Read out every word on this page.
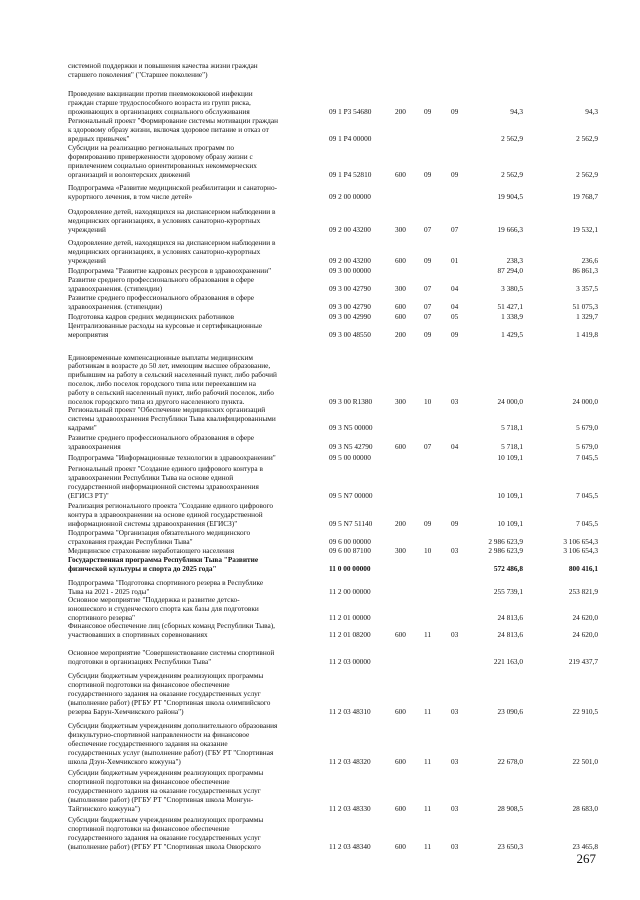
системной поддержки и повышения качества жизни граждан
старшего поколения" ("Старшее поколение")
Проведение вакцинации против пневмококковой инфекции
граждан старше трудоспособного возраста из групп риска,
проживающих в организациях социального обслуживания	09 1 P3 54680	200 09	09	94,3	94,3
Региональный проект "Формирование системы мотивации граждан
к здоровому образу жизни, включая здоровое питание и отказ от
вредных привычек"	09 1 P4 00000	2 562,9	2 562,9
Субсидии на реализацию региональных программ по
формированию приверженности здоровому образу жизни с
привлечением социально ориентированных некоммерческих
организаций и волонтерских движений	09 1 P4 52810	600 09	09	2 562,9	2 562,9
Подпрограмма «Развитие медицинской реабилитации и санаторно-
курортного лечения, в том числе детей»	09 2 00 00000	19 904,5	19 768,7
Оздоровление детей, находящихся на диспансерном наблюдении в
медицинских организациях, в условиях санаторно-курортных
учреждений	09 2 00 43200	300 07	07	19 666,3	19 532,1
Оздоровление детей, находящихся на диспансерном наблюдении в
медицинских организациях, в условиях санаторно-курортных
учреждений	09 2 00 43200	600 09	01	238,3	236,6
Подпрограмма "Развитие кадровых ресурсов в здравоохранении"	09 3 00 00000	87 294,0	86 861,3
Развитие среднего профессионального образования в сфере
здравоохранения. (стипендии)	09 3 00 42790	300 07	04	3 380,5	3 357,5
Развитие среднего профессионального образования в сфере
здравоохранения. (стипендии)	09 3 00 42790	600 07	04	51 427,1	51 075,3
Подготовка кадров средних медицинских работников	09 3 00 42990	600 07	05	1 338,9	1 329,7
Централизованные расходы на курсовые и сертификационные
мероприятия	09 3 00 48550	200 09	09	1 429,5	1 419,8
Единовременные компенсационные выплаты медицинским
работникам в возрасте до 50 лет, имеющим высшее образование,
прибывшим на работу в сельский населенный пункт, либо рабочий
поселок, либо поселок городского типа или переехавшим на
работу в сельский населенный пункт, либо рабочий поселок, либо
поселок городского типа из другого населенного пункта.	09 3 00 R1380	300 10	03	24 000,0	24 000,0
Региональный проект "Обеспечение медицинских организаций
системы здравоохранения Республики Тыва квалифицированными
кадрами"	09 3 N5 00000	5 718,1	5 679,0
Развитие среднего профессионального образования в сфере
здравоохранения	09 3 N5 42790	600 07	04	5 718,1	5 679,0
Подпрограмма "Информационные технологии в здравоохранении"	09 5 00 00000	10 109,1	7 045,5
Региональный проект "Создание единого цифрового контура в
здравоохранении Республики Тыва на основе единой
государственной информационной системы здравоохранения
(ЕГИСЗ РТ)"	09 5 N7 00000	10 109,1	7 045,5
Реализация регионального проекта "Создание единого цифрового
контура в здравоохранении на основе единой государственной
информационной системы здравоохранения (ЕГИСЗ)"	09 5 N7 51140	200 09	09	10 109,1	7 045,5
Подпрограмма "Организация обязательного медицинского
страхования граждан Республики Тыва"	09 6 00 00000	2 986 623,9	3 106 654,3
Медицинское страхование неработающего населения	09 6 00 87100	300 10	03	2 986 623,9	3 106 654,3
Государственная программа Республики Тыва "Развитие
физической культуры и спорта до 2025 года"	11 0 00 00000	572 486,8	800 416,1
Подпрограмма "Подготовка спортивного резерва в Республике
Тыва на 2021 - 2025 годы"	11 2 00 00000	255 739,1	253 821,9
Основное мероприятие "Поддержка и развитие детско-
юношеского и студенческого спорта как базы для подготовки
спортивного резерва"	11 2 01 00000	24 813,6	24 620,0
Финансовое обеспечение лиц (сборных команд Республики Тыва),
участвовавших в спортивных соревнованиях	11 2 01 08200	600 11	03	24 813,6	24 620,0
Основное мероприятие "Совершенствование системы спортивной
подготовки в организациях Республики Тыва"	11 2 03 00000	221 163,0	219 437,7
Субсидии бюджетным учреждениям реализующих программы
спортивной подготовки на финансовое обеспечение
государственного задания на оказание государственных услуг
(выполнение работ) (РГБУ РТ "Спортивная школа олимпийского
резерва Барун-Хемчикского района")	11 2 03 48310	600 11	03	23 090,6	22 910,5
Субсидии бюджетным учреждениям дополнительного образования
физкультурно-спортивной направленности на финансовое
обеспечение государственного задания на оказание
государственных услуг (выполнение работ) (ГБУ РТ "Спортивная
школа Дзун-Хемчикского кожууна")	11 2 03 48320	600 11	03	22 678,0	22 501,0
Субсидии бюджетным учреждениям реализующих программы
спортивной подготовки на финансовое обеспечение
государственного задания на оказание государственных услуг
(выполнение работ) (РГБУ РТ "Спортивная школа Монгун-
Тайгинского кожууна")	11 2 03 48330	600 11	03	28 908,5	28 683,0
Субсидии бюджетным учреждениям реализующих программы
спортивной подготовки на финансовое обеспечение
государственного задания на оказание государственных услуг
(выполнение работ) (РГБУ РТ "Спортивная школа Овюрского	11 2 03 48340	600 11	03	23 650,3	23 465,8
267
